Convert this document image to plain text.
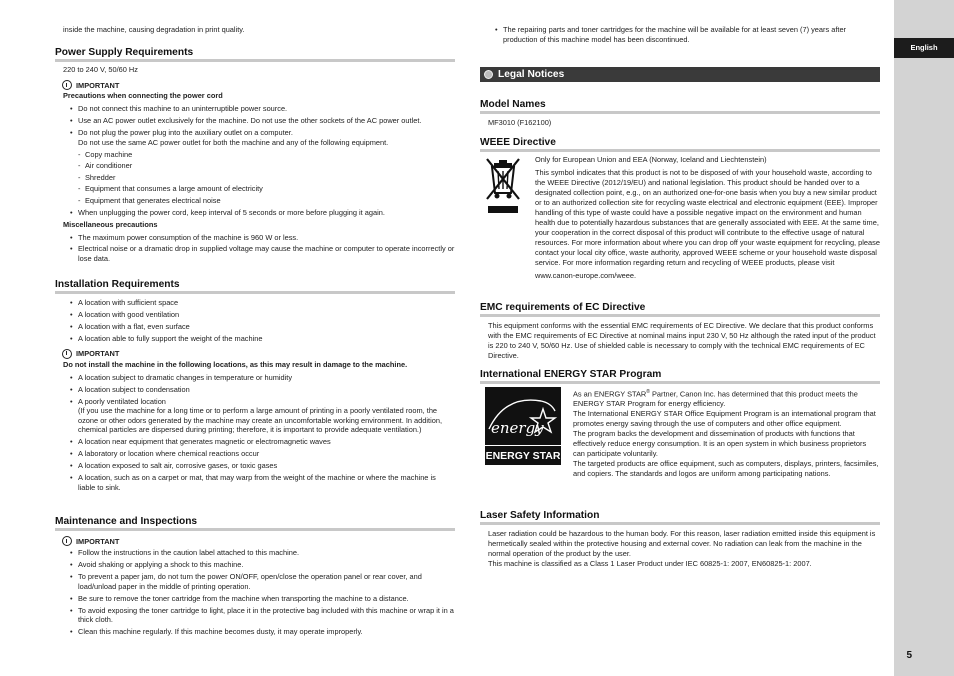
English
5

inside the machine, causing degradation in print quality.

Power Supply Requirements

220 to 240 V, 50/60 Hz

IMPORTANT

Precautions when connecting the power cord

• Do not connect this machine to an uninterruptible power source.
• Use an AC power outlet exclusively for the machine. Do not use the other sockets of the AC power outlet.
• Do not plug the power plug into the auxiliary outlet on a computer.
Do not use the same AC power outlet for both the machine and any of the following equipment.
- Copy machine
- Air conditioner
- Shredder
- Equipment that consumes a large amount of electricity
- Equipment that generates electrical noise
• When unplugging the power cord, keep interval of 5 seconds or more before plugging it again.

Miscellaneous precautions

• The maximum power consumption of the machine is 960 W or less.
• Electrical noise or a dramatic drop in supplied voltage may cause the machine or computer to operate incorrectly or lose data.
Installation Requirements
• A location with sufficient space
• A location with good ventilation
• A location with a flat, even surface
• A location able to fully support the weight of the machine
IMPORTANT

Do not install the machine in the following locations, as this may result in damage to the machine.

• A location subject to dramatic changes in temperature or humidity
• A location subject to condensation
• A poorly ventilated location
(If you use the machine for a long time or to perform a large amount of printing in a poorly ventilated room, the ozone or other odors generated by the machine may create an uncomfortable working environment. In addition, chemical particles are dispersed during printing; therefore, it is important to provide adequate ventilation.)
• A location near equipment that generates magnetic or electromagnetic waves
• A laboratory or location where chemical reactions occur
• A location exposed to salt air, corrosive gases, or toxic gases
• A location, such as on a carpet or mat, that may warp from the weight of the machine or where the machine is liable to sink.
Maintenance and Inspections
IMPORTANT
• Follow the instructions in the caution label attached to this machine.
• Avoid shaking or applying a shock to this machine.
• To prevent a paper jam, do not turn the power ON/OFF, open/close the operation panel or rear cover, and load/unload paper in the middle of printing operation.
• Be sure to remove the toner cartridge from the machine when transporting the machine to a distance.
• To avoid exposing the toner cartridge to light, place it in the protective bag included with this machine or wrap it in a thick cloth.
• Clean this machine regularly. If this machine becomes dusty, it may operate improperly.
• The repairing parts and toner cartridges for the machine will be available for at least seven (7) years after production of this machine model has been discontinued.
Legal Notices
Model Names

MF3010 (F162100)

WEEE Directive

Only for European Union and EEA (Norway, Iceland and Liechtenstein)

This symbol indicates that this product is not to be disposed of with your household waste, according to the WEEE Directive (2012/19/EU) and national legislation. This product should be handed over to a designated collection point, e.g., on an authorized one-for-one basis when you buy a new similar product or to an authorized collection site for recycling waste electrical and electronic equipment (EEE). Improper handling of this type of waste could have a possible negative impact on the environment and human health due to potentially hazardous substances that are generally associated with EEE. At the same time, your cooperation in the correct disposal of this product will contribute to the effective usage of natural resources. For more information about where you can drop off your waste equipment for recycling, please contact your local city office, waste authority, approved WEEE scheme or your household waste disposal service. For more information regarding return and recycling of WEEE products, please visit

www.canon-europe.com/weee.

EMC requirements of EC Directive

This equipment conforms with the essential EMC requirements of EC Directive. We declare that this product conforms with the EMC requirements of EC Directive at nominal mains input 230 V, 50 Hz although the rated input of the product is 220 to 240 V, 50/60 Hz. Use of shielded cable is necessary to comply with the technical EMC requirements of EC Directive.

International ENERGY STAR Program
energy
ENERGY STAR

As an ENERGY STAR® Partner, Canon Inc. has determined that this product meets the ENERGY STAR Program for energy efficiency.

The International ENERGY STAR Office Equipment Program is an international program that promotes energy saving through the use of computers and other office equipment.

The program backs the development and dissemination of products with functions that effectively reduce energy consumption. It is an open system in which business proprietors can participate voluntarily.

The targeted products are office equipment, such as computers, displays, printers, facsimiles, and copiers. The standards and logos are uniform among participating nations.

Laser Safety Information

Laser radiation could be hazardous to the human body. For this reason, laser radiation emitted inside this equipment is hermetically sealed within the protective housing and external cover. No radiation can leak from the machine in the normal operation of the product by the user.

This machine is classified as a Class 1 Laser Product under IEC 60825-1: 2007, EN60825-1: 2007.
